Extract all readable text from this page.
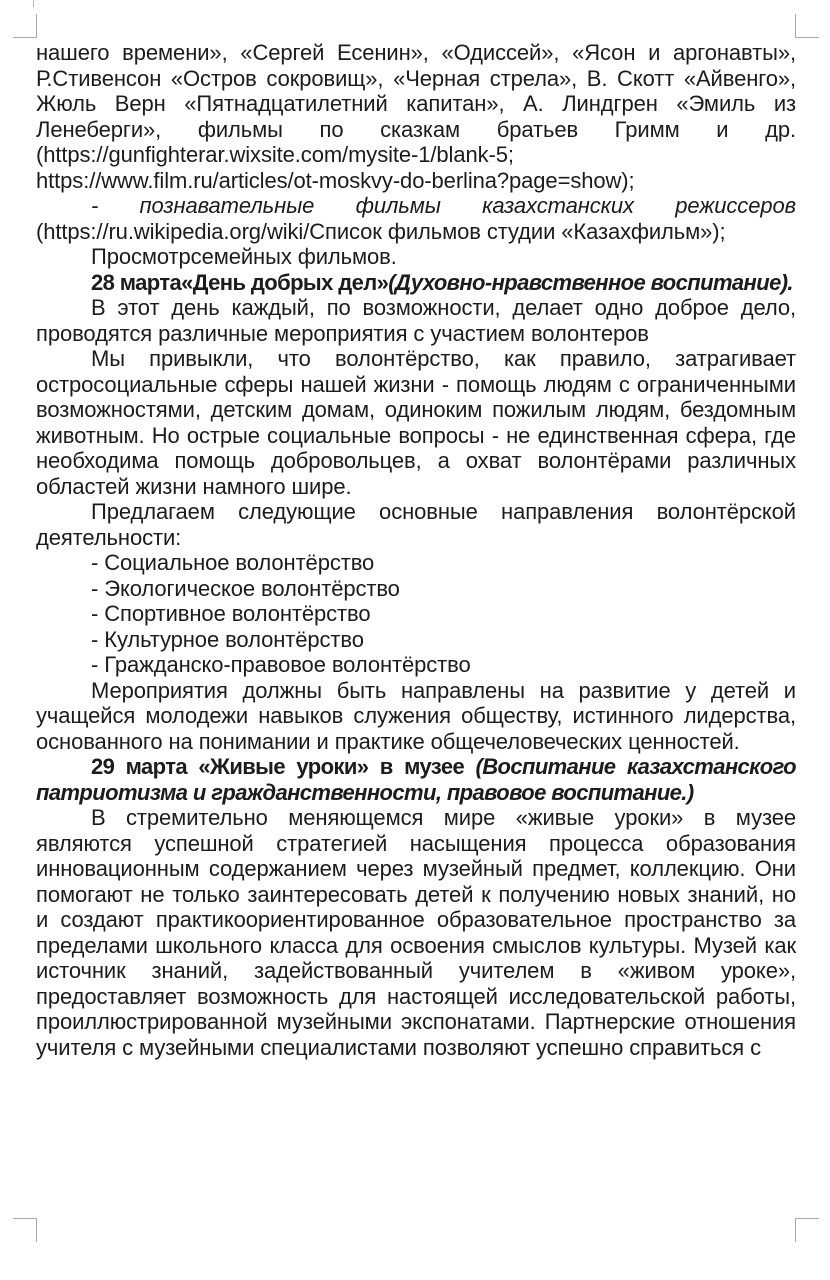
нашего времени», «Сергей Есенин», «Одиссей», «Ясон и аргонавты», Р.Стивенсон «Остров сокровищ», «Черная стрела», В. Скотт «Айвенго», Жюль Верн «Пятнадцатилетний капитан», А. Линдгрен «Эмиль из Ленеберги», фильмы по сказкам братьев Гримм и др. (https://gunfighterar.wixsite.com/mysite-1/blank-5; https://www.film.ru/articles/ot-moskvy-do-berlina?page=show);

- познавательные фильмы казахстанских режиссеров (https://ru.wikipedia.org/wiki/Список фильмов студии «Казахфильм»);

Просмотрсемейных фильмов.

28 марта«День добрых дел»(Духовно-нравственное воспитание).

В этот день каждый, по возможности, делает одно доброе дело, проводятся различные мероприятия с участием волонтеров

Мы привыкли, что волонтёрство, как правило, затрагивает остросоциальные сферы нашей жизни - помощь людям с ограниченными возможностями, детским домам, одиноким пожилым людям, бездомным животным. Но острые социальные вопросы - не единственная сфера, где необходима помощь добровольцев, а охват волонтёрами различных областей жизни намного шире.

Предлагаем следующие основные направления волонтёрской деятельности:

- Социальное волонтёрство

- Экологическое волонтёрство

- Спортивное волонтёрство

- Культурное волонтёрство

- Гражданско-правовое волонтёрство

Мероприятия должны быть направлены на развитие у детей и учащейся молодежи навыков служения обществу, истинного лидерства, основанного на понимании и практике общечеловеческих ценностей.

29 марта «Живые уроки» в музее (Воспитание казахстанского патриотизма и гражданственности, правовое воспитание.)

В стремительно меняющемся мире «живые уроки» в музее являются успешной стратегией насыщения процесса образования инновационным содержанием через музейный предмет, коллекцию. Они помогают не только заинтересовать детей к получению новых знаний, но и создают практикоориентированное образовательное пространство за пределами школьного класса для освоения смыслов культуры. Музей как источник знаний, задействованный учителем в «живом уроке», предоставляет возможность для настоящей исследовательской работы, проиллюстрированной музейными экспонатами. Партнерские отношения учителя с музейными специалистами позволяют успешно справиться с
